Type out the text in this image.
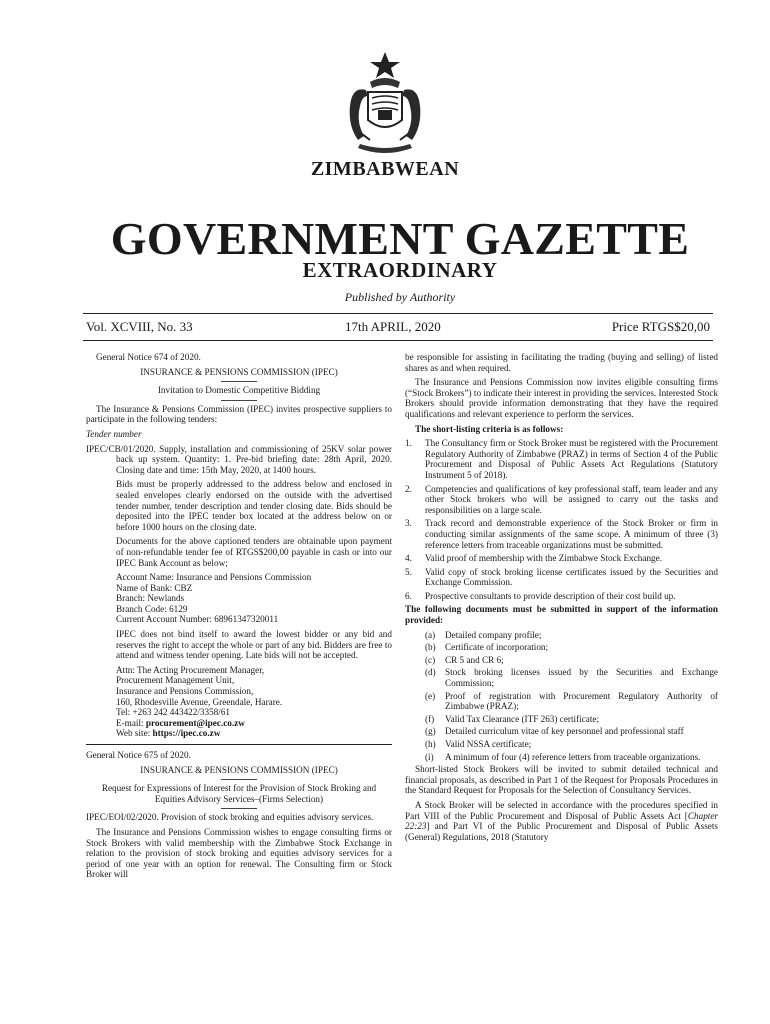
ZIMBABWEAN
GOVERNMENT GAZETTE
EXTRAORDINARY
Published by Authority
Vol. XCVIII, No. 33	17th APRIL, 2020	Price RTGS$20,00

General Notice 674 of 2020.

INSURANCE & PENSIONS COMMISSION (IPEC)

Invitation to Domestic Competitive Bidding

The Insurance & Pensions Commission (IPEC) invites prospective suppliers to participate in the following tenders:

Tender number

IPEC/CB/01/2020. Supply, installation and commissioning of 25KV solar power back up system. Quantity: 1. Pre-bid briefing date: 28th April, 2020. Closing date and time: 15th May, 2020, at 1400 hours.

Bids must be properly addressed to the address below and enclosed in sealed envelopes clearly endorsed on the outside with the advertised tender number, tender description and tender closing date. Bids should be deposited into the IPEC tender box located at the address below on or before 1000 hours on the closing date.

Documents for the above captioned tenders are obtainable upon payment of non-refundable tender fee of RTGS$200,00 payable in cash or into our IPEC Bank Account as below;

Account Name: Insurance and Pensions Commission
Name of Bank: CBZ
Branch: Newlands
Branch Code: 6129
Current Account Number: 68961347320011

IPEC does not bind itself to award the lowest bidder or any bid and reserves the right to accept the whole or part of any bid. Bidders are free to attend and witness tender opening. Late bids will not be accepted.

Attn: The Acting Procurement Manager,
Procurement Management Unit,
Insurance and Pensions Commission,
160, Rhodesville Avenue, Greendale, Harare.
Tel: +263 242 443422/3358/61

E-mail: procurement@ipec.co.zw

Web site: https://ipec.co.zw

General Notice 675 of 2020.

INSURANCE & PENSIONS COMMISSION (IPEC)

Request for Expressions of Interest for the Provision of Stock Broking and Equities Advisory Services–(Firms Selection)

IPEC/EOI/02/2020. Provision of stock broking and equities advisory services.

The Insurance and Pensions Commission wishes to engage consulting firms or Stock Brokers with valid membership with the Zimbabwe Stock Exchange in relation to the provision of stock broking and equities advisory services for a period of one year with an option for renewal. The Consulting firm or Stock Broker will

be responsible for assisting in facilitating the trading (buying and selling) of listed shares as and when required.

The Insurance and Pensions Commission now invites eligible consulting firms (“Stock Brokers”) to indicate their interest in providing the services. Interested Stock Brokers should provide information demonstrating that they have the required qualifications and relevant experience to perform the services.

The short-listing criteria is as follows:

1.	The Consultancy firm or Stock Broker must be registered with the Procurement Regulatory Authority of Zimbabwe (PRAZ) in terms of Section 4 of the Public Procurement and Disposal of Public Assets Act Regulations (Statutory Instrument 5 of 2018).
2.	Competencies and qualifications of key professional staff, team leader and any other Stock brokers who will be assigned to carry out the tasks and responsibilities on a large scale.
3.	Track record and demonstrable experience of the Stock Broker or firm in conducting similar assignments of the same scope. A minimum of three (3) reference letters from traceable organizations must be submitted.
4.	Valid proof of membership with the Zimbabwe Stock Exchange.
5.	Valid copy of stock broking license certificates issued by the Securities and Exchange Commission.
6.	Prospective consultants to provide description of their cost build up.

The following documents must be submitted in support of the information provided:

(a)	Detailed company profile;
(b)	Certificate of incorporation;
(c)	CR 5 and CR 6;
(d)	Stock broking licenses issued by the Securities and Exchange Commission;
(e)	Proof of registration with Procurement Regulatory Authority of Zimbabwe (PRAZ);
(f)	Valid Tax Clearance (ITF 263) certificate;
(g)	Detailed curriculum vitae of key personnel and professional staff
(h)	Valid NSSA certificate;
(i)	A minimum of four (4) reference letters from traceable organizations.

Short-listed Stock Brokers will be invited to submit detailed technical and financial proposals, as described in Part 1 of the Request for Proposals Procedures in the Standard Request for Proposals for the Selection of Consultancy Services.

A Stock Broker will be selected in accordance with the procedures specified in Part VIII of the Public Procurement and Disposal of Public Assets Act [Chapter 22:23] and Part VI of the Public Procurement and Disposal of Public Assets (General) Regulations, 2018 (Statutory
